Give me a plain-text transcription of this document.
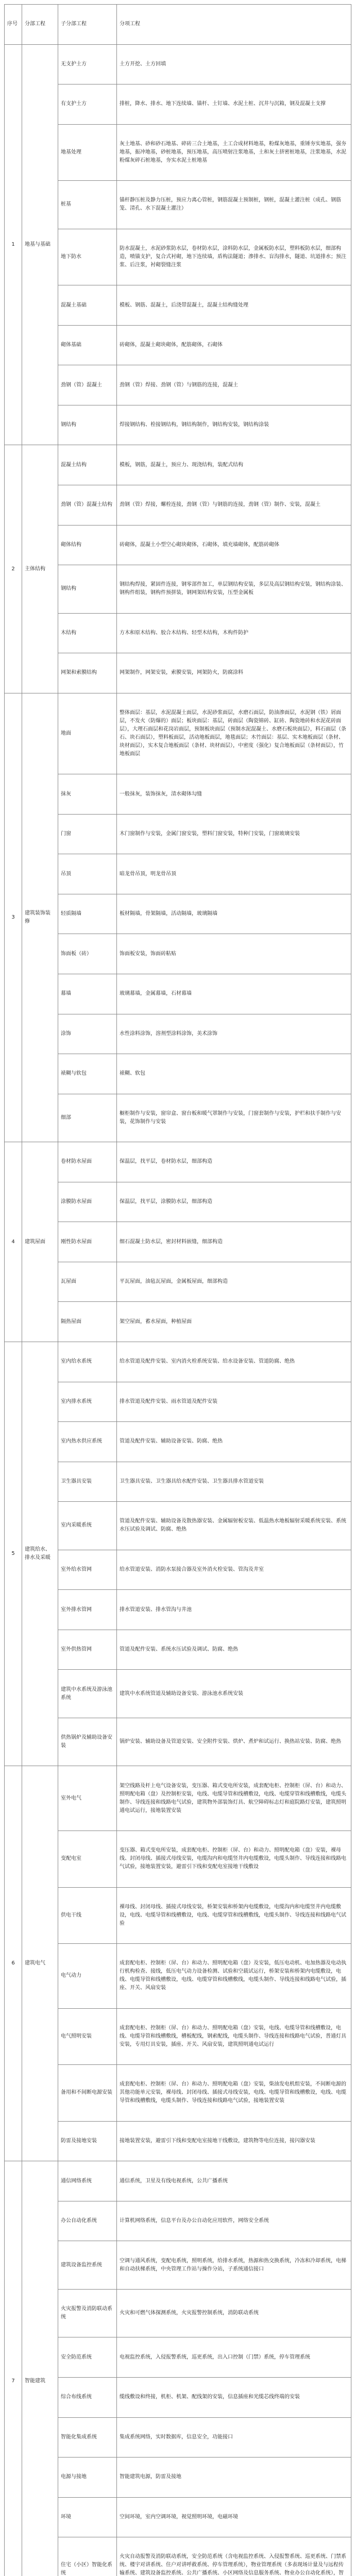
序号	分部工程	子分部工程	分项工程
1	地基与基础	无支护土方	土方开挖、土方回填
		有支护土方	排桩，降水、排水、地下连续墙、锚杆、土钉墙、水泥土桩、沉井与沉箱，钢及混凝土支撑
		地基处理	灰土地基、砂和砂石地基、碎砖三合土地基，土工合成材料地基，粉煤灰地基，重锤夯实地基，强夯地基，振冲地基，砂桩地基，预压地基，高压喷射注浆地基，土和灰土挤密桩地基，注浆地基，水泥粉煤灰碎石桩地基，夯实水泥土桩地基
		桩基	锚杆静压桩及静力压桩，预应力离心管桩，钢筋混凝土预制桩，钢桩，混凝土灌注桩（成孔、钢筋笼、清孔、水下混凝土灌注）
		地下防水	防水混凝土，水泥砂浆防水层，卷材防水层，涂料防水层，金属板防水层，塑料板防水层，细部构造，喷锚支护，复合式衬砌，地下连续墙，盾构法隧道；渗排水、盲沟排水，隧道、坑道排水；预注浆、后注浆，衬砌裂缝注浆
		混凝土基础	模板、钢筋、混凝土，后浇带混凝土，混凝土结构缝处理
		砌体基础	砖砌体，混凝土砌块砌体，配筋砌体，石砌体
		劲钢（管）混凝土	劲钢（管）焊接、劲钢（管）与钢筋的连接，混凝土
		钢结构	焊接钢结构、栓接钢结构，钢结构制作，钢结构安装，钢结构涂装
2	主体结构	混凝土结构	模板，钢筋，混凝土，预应力、现浇结构，装配式结构
		劲钢（管）混凝土结构	劲钢（管）焊接，螺栓连接，劲钢（管）与钢筋的连接，劲钢（管）制作、安装，混凝土
		砌体结构	砖砌体，混凝土小型空心砌块砌体，石砌体，填充墙砌体，配筋砖砌体
		钢结构	钢结构焊接，紧固件连接，钢零部件加工，单层钢结构安装，多层及高层钢结构安装，钢结构涂装、钢构件组装，钢构件预拼装，钢网架结构安装，压型金属板
		木结构	方木和原木结构、胶合木结构、轻型木结构，木构件防护
		网架和索膜结构	网架制作，网架安装，索膜安装，网架防火，防腐涂料
3	建筑装饰装修	地面	整体面层：基层，水泥混凝土面层，水泥砂浆面层，水磨石面层，防油渗面层，水泥钢（铁）屑面层，不发火（防爆的）面层；板块面层：基层，砖面层（陶瓷锦砖、缸砖、陶瓷地砖和水泥花砖面层），大理石面层和花岗岩面层，预制板块面层（预制水泥混凝土、水磨石板块面层），料石面层（条石、块石面层），塑料板面层，活动地板面层，地毯面层；木竹面层：基层、实木地板面层（条材、块材面层），实木复合地板面层（条材、块材面层），中密度（强化）复合地板面层（条材面层），竹地板面层
		抹灰	一般抹灰，装饰抹灰，清水砌体勾缝
		门窗	木门窗制作与安装，金属门窗安装，塑料门窗安装，特种门安装，门窗玻璃安装
		吊顶	暗龙骨吊顶，明龙骨吊顶
		轻质隔墙	板材隔墙，骨架隔墙，活动隔墙，玻璃隔墙
		饰面板（砖）	饰面板安装，饰面砖粘贴
		幕墙	玻璃幕墙，金属幕墙，石材幕墙
		涂饰	水性涂料涂饰，溶剂型涂料涂饰，美术涂饰
		裱糊与软包	裱糊、软包
		细部	橱柜制作与安装，窗帘盒、窗台板和暖气罩制作与安装，门窗套制作与安装，护栏和扶手制作与安装，花饰制作与安装
4	建筑屋面	卷材防水屋面	保温层，找平层，卷材防水层，细部构造
		涂膜防水屋面	保温层，找平层，涂膜防水层，细部构造
		刚性防水屋面	细石混凝土防水层，密封材料嵌缝，细部构造
		瓦屋面	平瓦屋面，油毡瓦屋面，金属板屋面，细部构造
		隔热屋面	架空屋面，蓄水屋面，种植屋面
5	建筑给水、排水及采暖	室内给水系统	给水管道及配件安装、室内消火栓系统安装、给水设备安装、管道防腐、绝热
		室内排水系统	排水管道及配件安装、雨水管道及配件安装
		室内热水供应系统	管道及配件安装、辅助设备安装、防腐、绝热
		卫生器具安装	卫生器具安装、卫生器具给水配件安装、卫生器具排水管道安装
		室内采暖系统	管道及配件安装、辅助设备及散热器安装、金属辐射板安装、低温热水地板辐射采暖系统安装、系统水压试验及调试、防腐、绝热
		室外给水管网	给水管道安装、消防水泵接合器及室外消火栓安装、管沟及井室
		室外排水管网	排水管道安装、排水管沟与井池
		室外供热管网	管道及配件安装、系统水压试验及调试、防腐、绝热
		建筑中水系统及游泳池系统	建筑中水系统管道及辅助设备安装、游泳池水系统安装
		供热锅炉及辅助设备安装	锅炉安装、辅助设备及管道安装、安全附件安装、烘炉、煮炉和试运行、换热站安装、防腐、绝热
6	建筑电气	室外电气	架空线路及杆上电气设备安装，变压器、箱式变电所安装，成套配电柜、控制柜（屏、台）和动力、照明配电箱（盘）及控制柜安装，电线、电缆导管和线槽敷设，电线、电缆穿管和线槽敷线，电缆头制作、导线连接和线路电气试验，建筑物外部装饰灯具、航空障碍标志灯和庭院路灯安装，建筑照明通电试运行，接地装置安装
		变配电室	变压器、箱式变电所安装，成套配电柜、控制柜（屏、台）和动力、照明配电箱（盘）安装，裸母线、封闭母线、插接式母线安装，电缆沟内和电缆竖井内电缆敷设，电缆头制作、导线连接和线路电气试验，接地装置安装，避雷引下线和变配电室接地干线敷设
		供电干线	裸母线、封闭母线、插接式母线安装，桥架安装和桥架内电缆敷设，电缆沟内和电缆竖井内电缆敷设，电线、电缆导管和线槽敷设，电线、电缆穿管和线槽敷线，电缆头制作、导线连接和线路电气试验
		电气动力	成套配电柜、控制柜（屏、台）和动力、照明配电箱（盘）及安装，低压电动机、电加热器及电动执行机构检查、接线，低压电气动力设备检测、试验和空载试运行，桥架安装和桥架内电缆敷设，电线、电缆导管和线槽敷设，电线、电缆穿管和线槽敷线，电缆头制作、导线连接和线路电气试验，插座、开关、风扇安装
		电气照明安装	成套配电柜、控制柜（屏、台）和动力、照明配电箱（盘）安装，电线、电缆导管和线槽敷设，电线、电缆导管和线槽敷线，槽板配线，钢索配线，电缆头制作、导线连接和线路电气试验，普通灯具安装，专用灯具安装，插座、开关、风扇安装，建筑照明通电试运行
		备用和不间断电源安装	成套配电柜、控制柜（屏、台）和动力、照明配电箱（盘）安装，柴油发电机组安装，不间断电源的其他功能单元安装，裸母线、封闭母线、插接式母线安装，电线、电缆导管和线槽敷设，电线、电缆导管和线槽敷线，电缆头制作、导线连接和线路电气试验，接地装置安装
		防雷及接地安装	接地装置安装，避雷引下线和变配电室接地干线敷设，建筑物等电位连接，接闪器安装
7	智能建筑	通信网络系统	通信系统，卫星及有线电视系统，公共广播系统
		办公自动化系统	计算机网络系统，信息平台及办公自动化应用软件，网络安全系统
		建筑设备监控系统	空调与通风系统，变配电系统，照明系统，给排水系统，热源和热交换系统，冷冻和冷却系统，电梯和自动扶梯系统，中央管理工作站与操作分站，子系统通信接口
		火灾报警及消防联动系统	火灾和可燃气体探测系统，火灾报警控制系统，消防联动系统
		安全防范系统	电视监控系统，入侵报警系统，巡更系统，出入口控制（门禁）系统，停车管理系统
		综合布线系统	缆线敷设和终接，机柜、机架、配线架的安装，信息插座和光缆芯线终端的安装
		智能化集成系统	集成系统网络，实时数据库，信息安全，功能接口
		电源与接地	智能建筑电源，防雷及接地
		环境	空间环境，室内空调环境，视觉照明环境，电磁环境
		住宅（小区）智能化系统	火灾自动报警及消防联动系统，安全防范系统（含电视监控系统、入侵报警系统、巡更系统、门禁系统、楼宇对讲系统、住户对讲呼救系统、停车管理系统），物业管理系统（多表现场计量及与远程传输系统、建筑设备监控系统、公共广播系统、小区网络及信息服务系统、物业办公自动化系统），智
